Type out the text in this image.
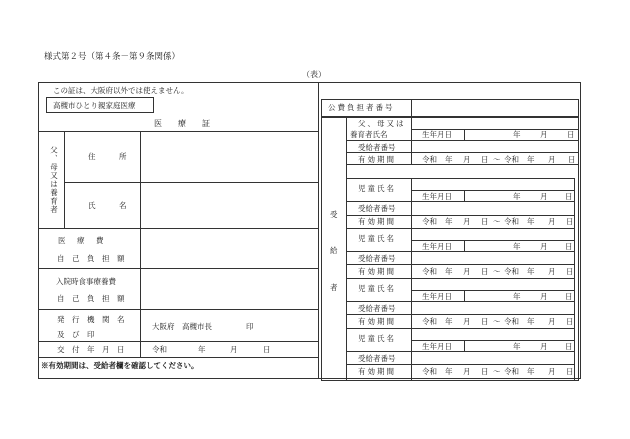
様式第２号（第４条－第９条関係）
（表）
この証は、大阪府以外では使えません。
高槻市ひとり親家庭医療
医　療　証
父、母又は養育者	住　所
氏　名
医　療　費
自　己　負　担　額
入院時食事療養費
自　己　負　担　額
発　行　機　関　名
及　び　印
大阪府　高槻市長	印
交　付　年　月　日	令和	年	月	日
※有効期間は、受給者欄を確認してください。
公費負担者番号
受
給
者
父、母又は
養育者氏名	生年月日	年	月	日
受給者番号
有効期間	令和 年 月 日 ～ 令和 年 月 日
児童氏名
生年月日	年	月 日
受給者番号
有効期間	令和 年 月 日 ～ 令和 年 月 日
児童氏名
生年月日	年	月 日
受給者番号
有効期間	令和 年 月 日 ～ 令和 年 月 日
児童氏名
生年月日	年	月 日
受給者番号
有効期間	令和 年 月 日 ～ 令和 年 月 日
児童氏名
生年月日	年	月 日
受給者番号
有効期間	令和 年 月 日 ～ 令和 年 月 日
